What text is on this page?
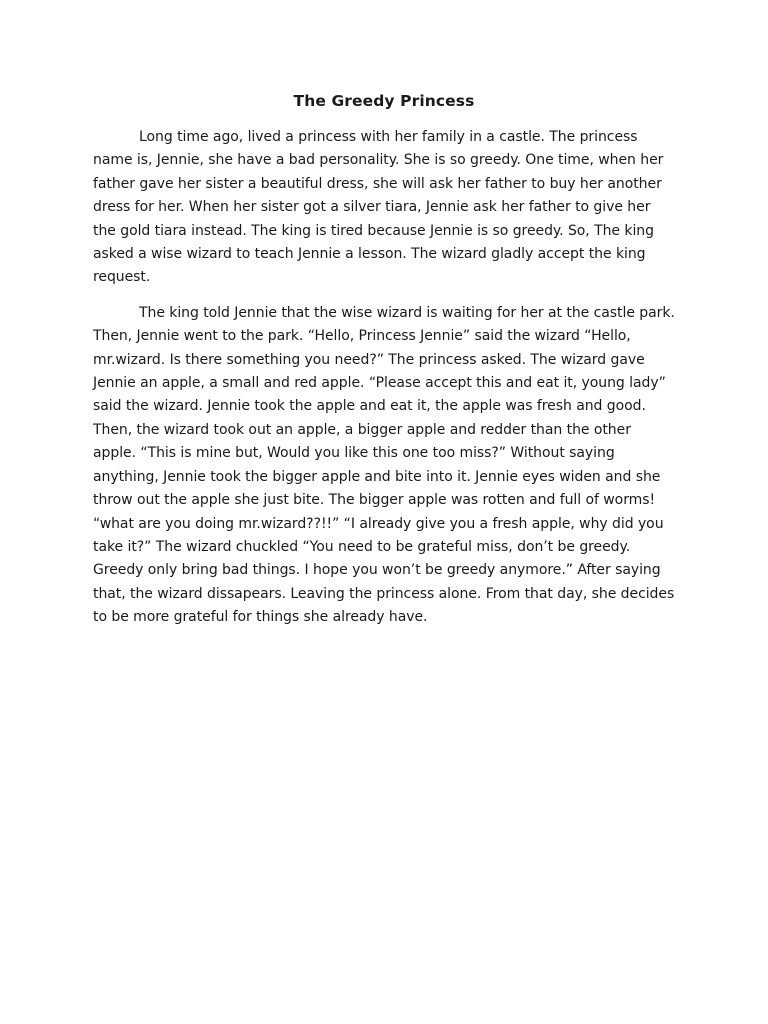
The Greedy Princess

Long time ago, lived a princess with her family in a castle. The princess name is, Jennie, she have a bad personality. She is so greedy. One time, when her father gave her sister a beautiful dress, she will ask her father to buy her another dress for her. When her sister got a silver tiara, Jennie ask her father to give her the gold tiara instead. The king is tired because Jennie is so greedy. So, The king asked a wise wizard to teach Jennie a lesson. The wizard gladly accept the king request.

The king told Jennie that the wise wizard is waiting for her at the castle park. Then, Jennie went to the park. “Hello, Princess Jennie” said the wizard “Hello, mr.wizard. Is there something you need?” The princess asked. The wizard gave Jennie an apple, a small and red apple. “Please accept this and eat it, young lady” said the wizard. Jennie took the apple and eat it, the apple was fresh and good. Then, the wizard took out an apple, a bigger apple and redder than the other apple. “This is mine but, Would you like this one too miss?” Without saying anything, Jennie took the bigger apple and bite into it. Jennie eyes widen and she throw out the apple she just bite. The bigger apple was rotten and full of worms! “what are you doing mr.wizard??!!” “I already give you a fresh apple, why did you take it?” The wizard chuckled “You need to be grateful miss, don’t be greedy. Greedy only bring bad things. I hope you won’t be greedy anymore.” After saying that, the wizard dissapears. Leaving the princess alone. From that day, she decides to be more grateful for things she already have.
